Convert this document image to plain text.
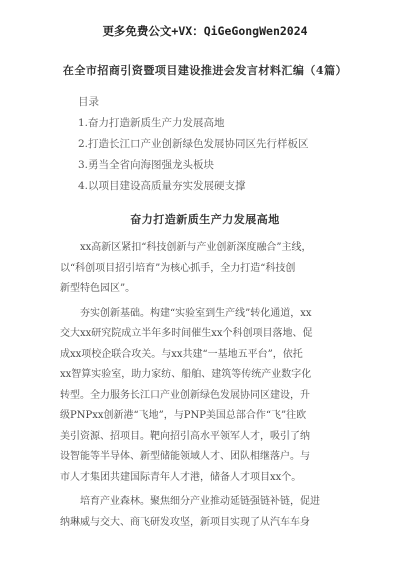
更多免费公文+VX：QiGeGongWen2024
在全市招商引资暨项目建设推进会发言材料汇编（4篇）
目录
1.奋力打造新质生产力发展高地
2.打造长江口产业创新绿色发展协同区先行样板区
3.勇当全省向海图强龙头板块
4.以项目建设高质量夯实发展硬支撑
奋力打造新质生产力发展高地
xx高新区紧扣“科技创新与产业创新深度融合”主线，
以“科创项目招引培育”为核心抓手，全力打造“科技创
新型特色园区”。
夯实创新基础。构建“实验室到生产线”转化通道，xx
交大xx研究院成立半年多时间催生xx个科创项目落地、促
成xx项校企联合攻关。与xx共建“一基地五平台”，依托
xx智算实验室，助力家纺、船舶、建筑等传统产业数字化
转型。全力服务长江口产业创新绿色发展协同区建设，升
级PNPxx创新港“飞地”，与PNP美国总部合作“飞”往欧
美引资源、招项目。靶向招引高水平领军人才，吸引了纳
设智能等半导体、新型储能领域人才、团队相继落户。与
市人才集团共建国际青年人才港，储备人才项目xx个。
培育产业森林。聚焦细分产业推动延链强链补链，促进
纳琳威与交大、商飞研发攻坚，新项目实现了从汽车车身
